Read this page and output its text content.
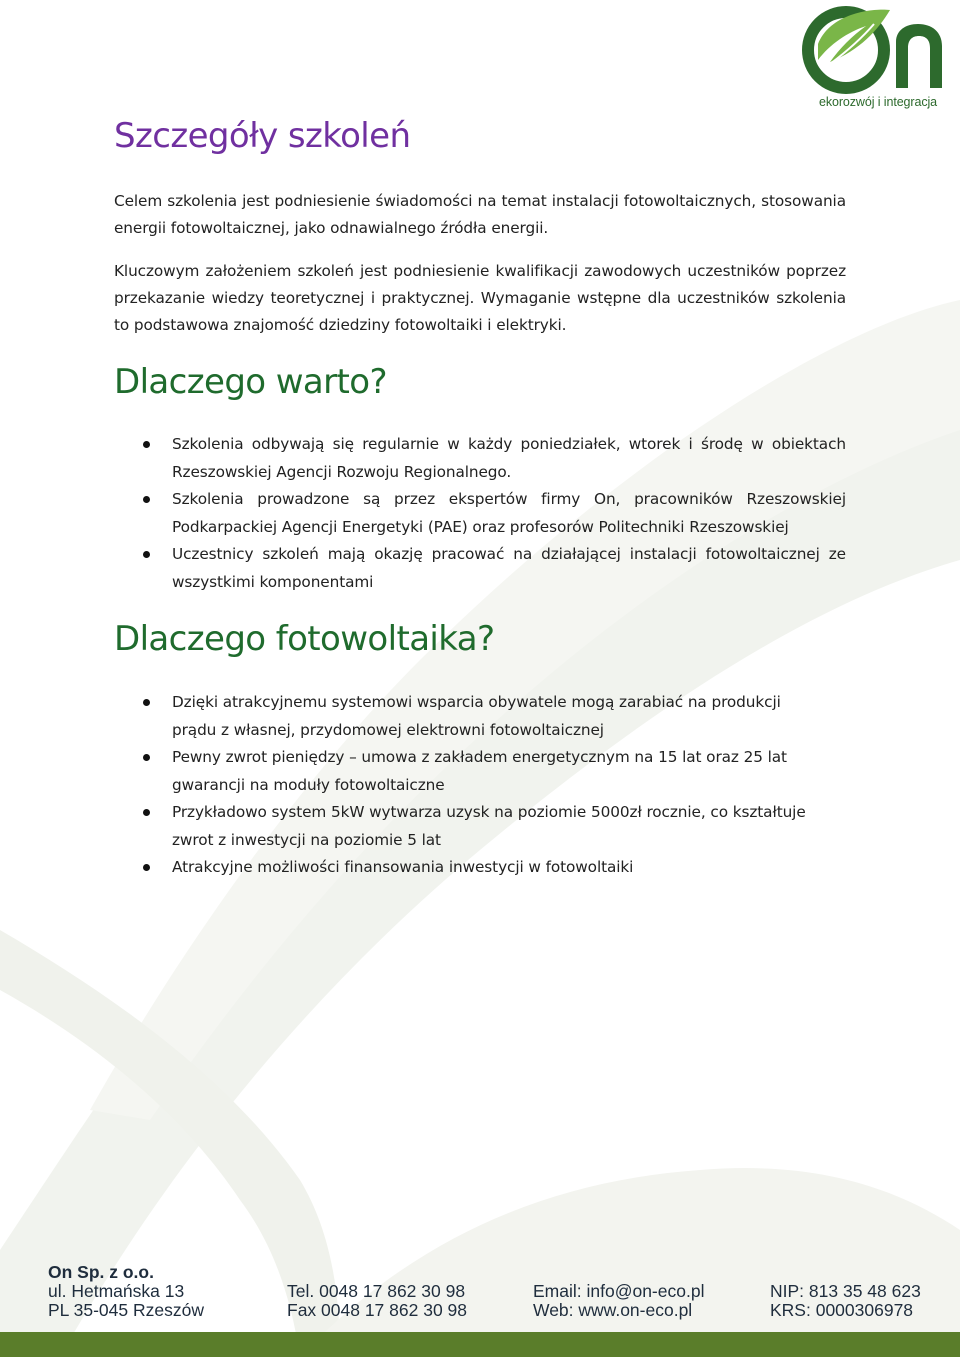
ekorozwój i integracja
Szczegóły szkoleń

Celem szkolenia jest podniesienie świadomości na temat instalacji fotowoltaicznych, stosowania energii fotowoltaicznej, jako odnawialnego źródła energii.

Kluczowym założeniem szkoleń jest podniesienie kwalifikacji zawodowych uczestników poprzez przekazanie wiedzy teoretycznej i praktycznej. Wymaganie wstępne dla uczestników szkolenia to podstawowa znajomość dziedziny fotowoltaiki i elektryki.

Dlaczego warto?
Szkolenia odbywają się regularnie w każdy poniedziałek, wtorek i środę w obiektach Rzeszowskiej Agencji Rozwoju Regionalnego.
Szkolenia prowadzone są przez ekspertów firmy On, pracowników Rzeszowskiej Podkarpackiej Agencji Energetyki (PAE) oraz profesorów Politechniki Rzeszowskiej
Uczestnicy szkoleń mają okazję pracować na działającej instalacji fotowoltaicznej ze wszystkimi komponentami
Dlaczego fotowoltaika?
Dzięki atrakcyjnemu systemowi wsparcia obywatele mogą zarabiać na produkcji prądu z własnej, przydomowej elektrowni fotowoltaicznej
Pewny zwrot pieniędzy – umowa z zakładem energetycznym na 15 lat oraz 25 lat gwarancji na moduły fotowoltaiczne
Przykładowo system 5kW wytwarza uzysk na poziomie 5000zł rocznie, co kształtuje zwrot z inwestycji na poziomie 5 lat
Atrakcyjne możliwości finansowania inwestycji w fotowoltaiki
On Sp. z o.o.
ul. Hetmańska 13
PL 35-045 Rzeszów
Tel. 0048 17 862 30 98
Fax 0048 17 862 30 98
Email: info@on-eco.pl
Web: www.on-eco.pl
NIP: 813 35 48 623
KRS: 0000306978
